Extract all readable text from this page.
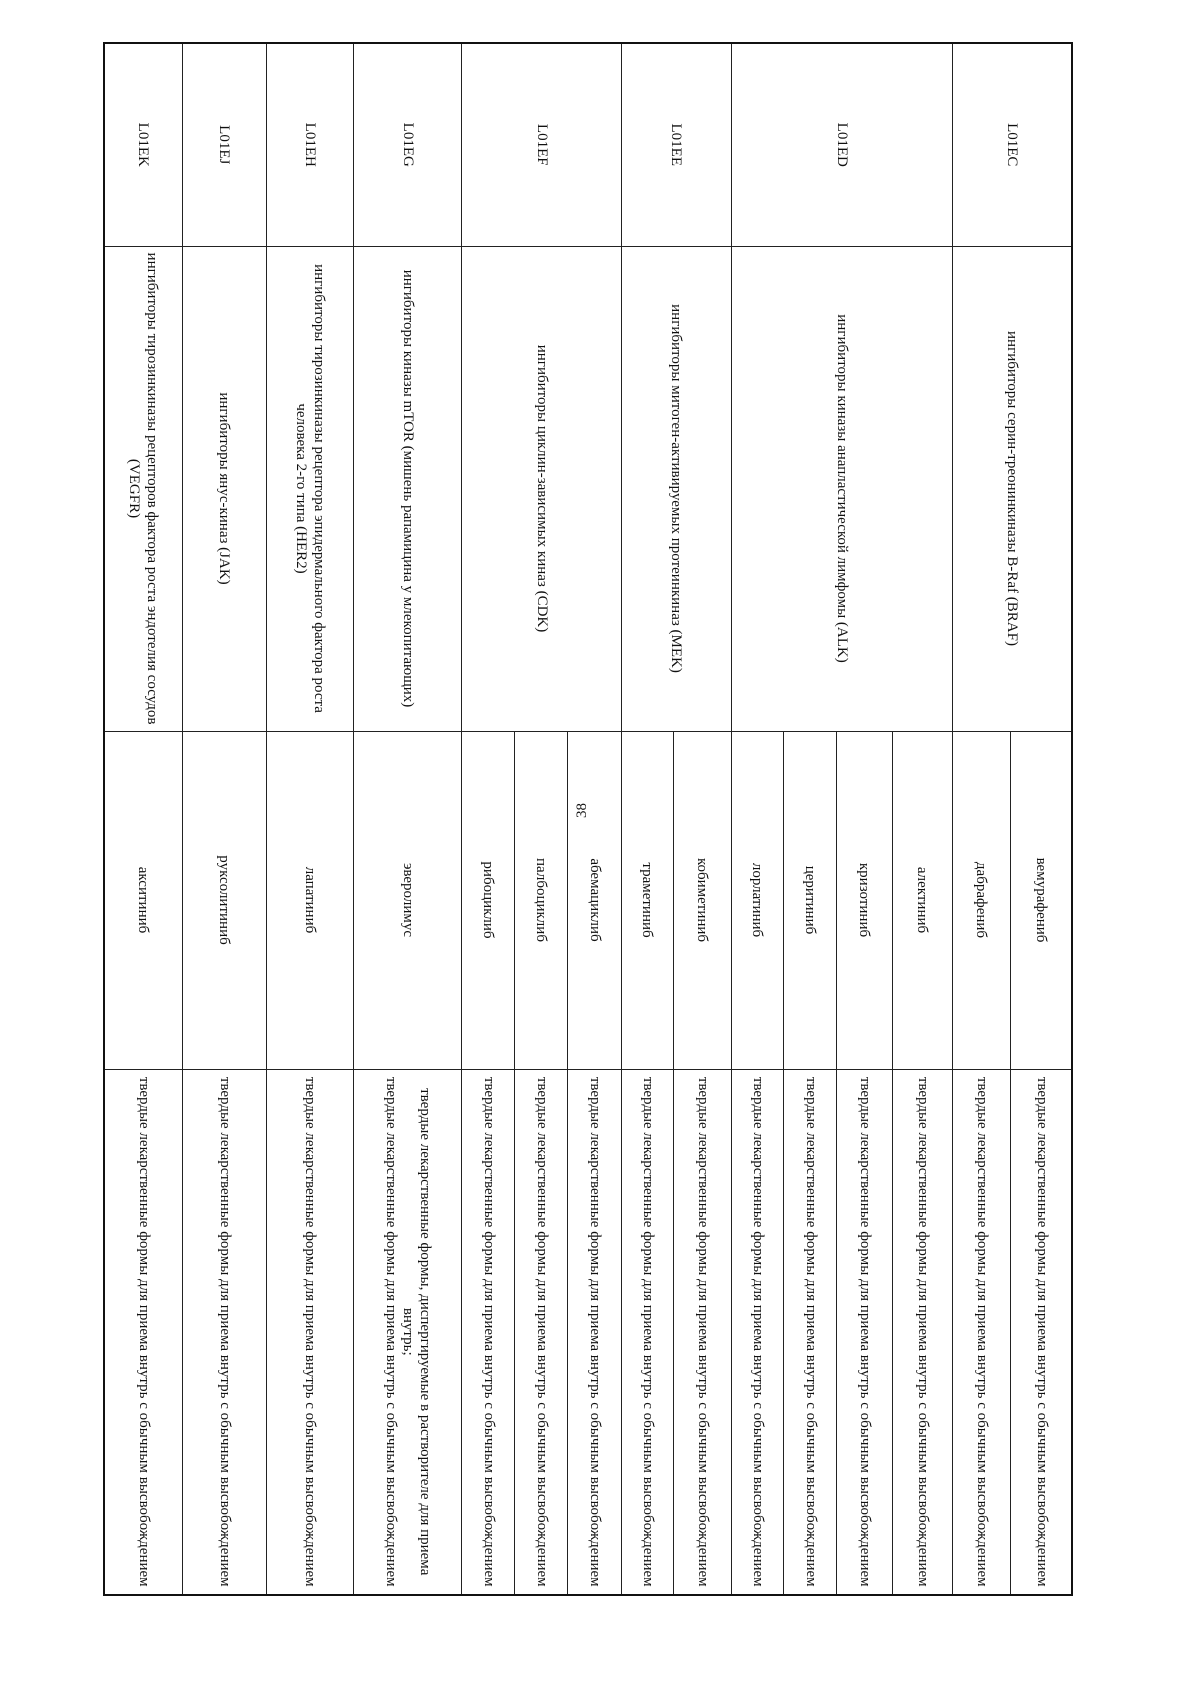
38
L01EC	ингибиторы серин-треонинкиназы B-Raf (BRAF)	вемурафениб	твердые лекарственные формы для приема внутрь с обычным высвобождением

		дабрафениб	твердые лекарственные формы для приема внутрь с обычным высвобождением

L01ED	ингибиторы киназы анапластической лимфомы (ALK)	алектиниб	твердые лекарственные формы для приема внутрь с обычным высвобождением

		кризотиниб	твердые лекарственные формы для приема внутрь с обычным высвобождением

		церитиниб	твердые лекарственные формы для приема внутрь с обычным высвобождением

		лорлатиниб	твердые лекарственные формы для приема внутрь с обычным высвобождением

L01EE	ингибиторы митоген-активируемых протеинкиназ (MEK)	кобиметиниб	твердые лекарственные формы для приема внутрь с обычным высвобождением

		траметиниб	твердые лекарственные формы для приема внутрь с обычным высвобождением

L01EF	ингибиторы циклин-зависимых киназ (CDK)	абемациклиб	твердые лекарственные формы для приема внутрь с обычным высвобождением

		палбоциклиб	твердые лекарственные формы для приема внутрь с обычным высвобождением

		рибоциклиб	твердые лекарственные формы для приема внутрь с обычным высвобождением

L01EG	ингибиторы киназы mTOR (мишень рапамицина у млекопитающих)	эверолимус	твердые лекарственные формы, диспергируемые в растворителе для приема внутрь;
твердые лекарственные формы для приема внутрь с обычным высвобождением

L01EH	ингибиторы тирозинкиназы рецептора эпидермального фактора роста человека 2-го типа (HER2)	лапатиниб	твердые лекарственные формы для приема внутрь с обычным высвобождением

L01EJ	ингибиторы янус-киназ (JAK)	руксолитиниб	твердые лекарственные формы для приема внутрь с обычным высвобождением

L01EK	ингибиторы тирозинкиназы рецепторов фактора роста эндотелия сосудов (VEGFR)	акситиниб	твердые лекарственные формы для приема внутрь с обычным высвобождением
